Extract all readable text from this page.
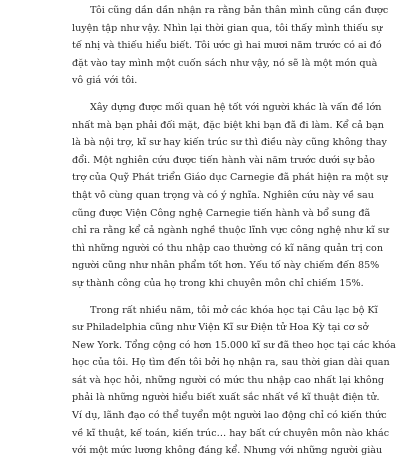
Tôi cũng dần dần nhận ra rằng bản thân mình cũng cần được
luyện tập như vậy. Nhìn lại thời gian qua, tôi thấy mình thiếu sự
tế nhị và thiếu hiểu biết. Tôi ước gì hai mươi năm trước có ai đó
đặt vào tay mình một cuốn sách như vậy, nó sẽ là một món quà
vô giá với tôi.

Xây dựng được mối quan hệ tốt với người khác là vấn đề lớn
nhất mà bạn phải đối mặt, đặc biệt khi bạn đã đi làm. Kể cả bạn
là bà nội trợ, kĩ sư hay kiến trúc sư thì điều này cũng không thay
đổi. Một nghiên cứu được tiến hành vài năm trước dưới sự bảo
trợ của Quỹ Phát triển Giáo dục Carnegie đã phát hiện ra một sự
thật vô cùng quan trọng và có ý nghĩa. Nghiên cứu này về sau
cũng được Viện Công nghệ Carnegie tiến hành và bổ sung đã
chỉ ra rằng kể cả ngành nghề thuộc lĩnh vực công nghệ như kĩ sư
thì những người có thu nhập cao thường có kĩ năng quản trị con
người cũng như nhân phẩm tốt hơn. Yếu tố này chiếm đến 85%
sự thành công của họ trong khi chuyên môn chỉ chiếm 15%.

Trong rất nhiều năm, tôi mở các khóa học tại Câu lạc bộ Kĩ
sư Philadelphia cũng như Viện Kĩ sư Điện tử Hoa Kỳ tại cơ sở
New York. Tổng cộng có hơn 15.000 kĩ sư đã theo học tại các khóa
học của tôi. Họ tìm đến tôi bởi họ nhận ra, sau thời gian dài quan
sát và học hỏi, những người có mức thu nhập cao nhất lại không
phải là những người hiểu biết xuất sắc nhất về kĩ thuật điện tử.
Ví dụ, lãnh đạo có thể tuyển một người lao động chỉ có kiến thức
về kĩ thuật, kế toán, kiến trúc… hay bất cứ chuyên môn nào khác
với một mức lương không đáng kể. Nhưng với những người giàu
